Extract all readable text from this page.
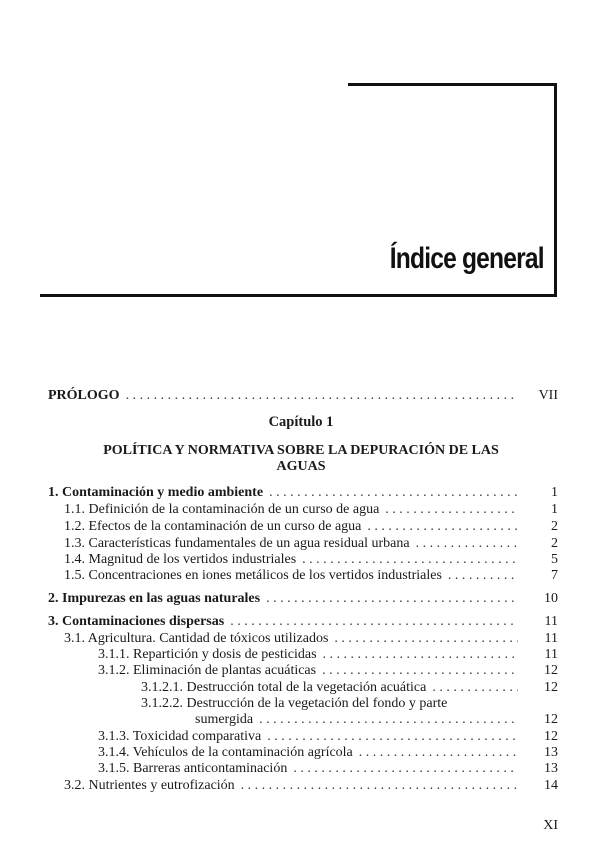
Índice general
PRÓLOGO . . .	VII
Capítulo 1
POLÍTICA Y NORMATIVA SOBRE LA DEPURACIÓN DE LAS
AGUAS
1. Contaminación y medio ambiente . . .	1
1.1. Definición de la contaminación de un curso de agua . . .	1
1.2. Efectos de la contaminación de un curso de agua . . .	2
1.3. Características fundamentales de un agua residual urbana . . .	2
1.4. Magnitud de los vertidos industriales . . .	5
1.5. Concentraciones en iones metálicos de los vertidos industriales . . .	7
2. Impurezas en las aguas naturales . . .	10
3. Contaminaciones dispersas . . .	11
3.1. Agricultura. Cantidad de tóxicos utilizados . . .	11
3.1.1. Repartición y dosis de pesticidas . . .	11
3.1.2. Eliminación de plantas acuáticas . . .	12
3.1.2.1. Destrucción total de la vegetación acuática . . .	12
3.1.2.2. Destrucción de la vegetación del fondo y parte
sumergida . . .	12
3.1.3. Toxicidad comparativa . . .	12
3.1.4. Vehículos de la contaminación agrícola . . .	13
3.1.5. Barreras anticontaminación . . .	13
3.2. Nutrientes y eutrofización . . .	14
XI
